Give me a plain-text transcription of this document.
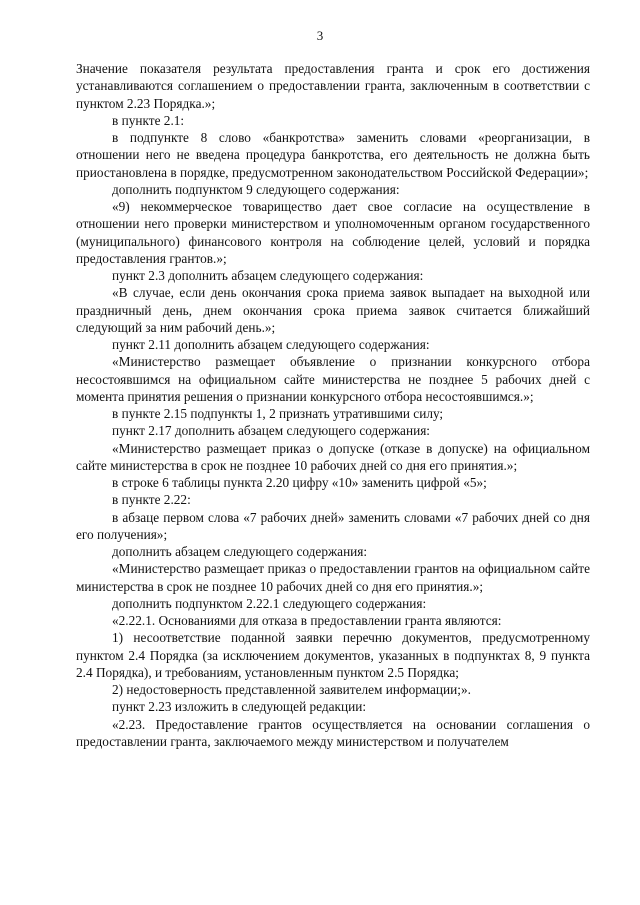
3

Значение показателя результата предоставления гранта и срок его достижения устанавливаются соглашением о предоставлении гранта, заключенным в соответствии с пунктом 2.23 Порядка.»;

в пункте 2.1:

в подпункте 8 слово «банкротства» заменить словами «реорганизации, в отношении него не введена процедура банкротства, его деятельность не должна быть приостановлена в порядке, предусмотренном законодательством Российской Федерации»;

дополнить подпунктом 9 следующего содержания:

«9) некоммерческое товарищество дает свое согласие на осуществление в отношении него проверки министерством и уполномоченным органом государственного (муниципального) финансового контроля на соблюдение целей, условий и порядка предоставления грантов.»;

пункт 2.3 дополнить абзацем следующего содержания:

«В случае, если день окончания срока приема заявок выпадает на выходной или праздничный день, днем окончания срока приема заявок считается ближайший следующий за ним рабочий день.»;

пункт 2.11 дополнить абзацем следующего содержания:

«Министерство размещает объявление о признании конкурсного отбора несостоявшимся на официальном сайте министерства не позднее 5 рабочих дней с момента принятия решения о признании конкурсного отбора несостоявшимся.»;

в пункте 2.15 подпункты 1, 2 признать утратившими силу;

пункт 2.17 дополнить абзацем следующего содержания:

«Министерство размещает приказ о допуске (отказе в допуске) на официальном сайте министерства в срок не позднее 10 рабочих дней со дня его принятия.»;

в строке 6 таблицы пункта 2.20 цифру «10» заменить цифрой «5»;

в пункте 2.22:

в абзаце первом слова «7 рабочих дней» заменить словами «7 рабочих дней со дня его получения»;

дополнить абзацем следующего содержания:

«Министерство размещает приказ о предоставлении грантов на официальном сайте министерства в срок не позднее 10 рабочих дней со дня его принятия.»;

дополнить подпунктом 2.22.1 следующего содержания:

«2.22.1. Основаниями для отказа в предоставлении гранта являются:

1) несоответствие поданной заявки перечню документов, предусмотренному пунктом 2.4 Порядка (за исключением документов, указанных в подпунктах 8, 9 пункта 2.4 Порядка), и требованиям, установленным пунктом 2.5 Порядка;

2) недостоверность представленной заявителем информации;».

пункт 2.23 изложить в следующей редакции:

«2.23. Предоставление грантов осуществляется на основании соглашения о предоставлении гранта, заключаемого между министерством и получателем
